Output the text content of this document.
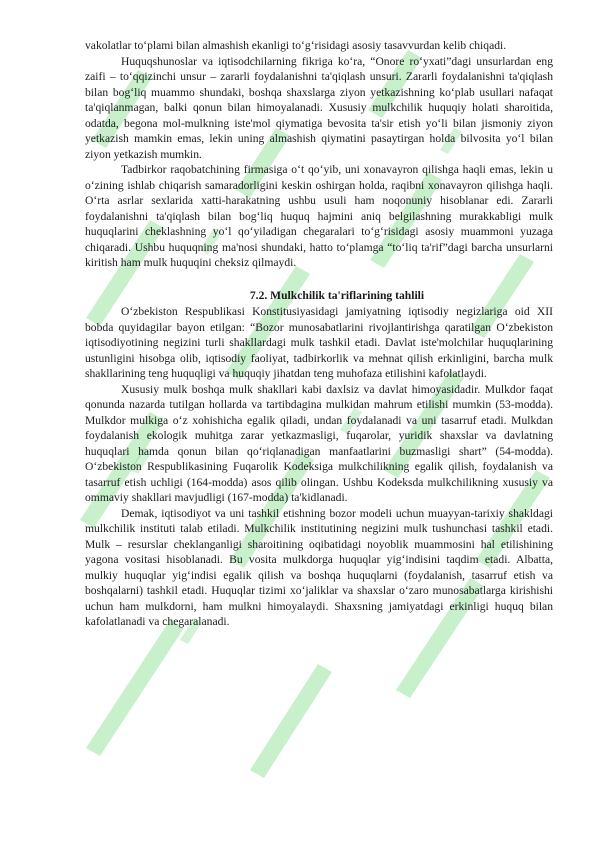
vakolatlar to‘plami bilan almashish ekanligi to‘g‘risidagi asosiy tasavvurdan kelib chiqadi.

Huquqshunoslar va iqtisodchilarning fikriga ko‘ra, “Onore ro‘yxati”dagi unsurlardan eng zaifi – to‘qqizinchi unsur – zararli foydalanishni ta'qiqlash unsuri. Zararli foydalanishni ta'qiqlash bilan bog‘liq muammo shundaki, boshqa shaxslarga ziyon yetkazishning ko‘plab usullari nafaqat ta'qiqlanmagan, balki qonun bilan himoyalanadi. Xususiy mulkchilik huquqiy holati sharoitida, odatda, begona mol-mulkning iste'mol qiymatiga bevosita ta'sir etish yo‘li bilan jismoniy ziyon yetkazish mamkin emas, lekin uning almashish qiymatini pasaytirgan holda bilvosita yo‘l bilan ziyon yetkazish mumkin.

Tadbirkor raqobatchining firmasiga o‘t qo‘yib, uni xonavayron qilishga haqli emas, lekin u o‘zining ishlab chiqarish samaradorligini keskin oshirgan holda, raqibni xonavayron qilishga haqli. O‘rta asrlar sexlarida xatti-harakatning ushbu usuli ham noqonuniy hisoblanar edi. Zararli foydalanishni ta'qiqlash bilan bog‘liq huquq hajmini aniq belgilashning murakkabligi mulk huquqlarini cheklashning yo‘l qo‘yiladigan chegaralari to‘g‘risidagi asosiy muammoni yuzaga chiqaradi. Ushbu huquqning ma'nosi shundaki, hatto to‘plamga “to‘liq ta'rif”dagi barcha unsurlarni kiritish ham mulk huquqini cheksiz qilmaydi.

7.2. Mulkchilik ta'riflarining tahlili

O‘zbekiston Respublikasi Konstitusiyasidagi jamiyatning iqtisodiy negizlariga oid XII bobda quyidagilar bayon etilgan: “Bozor munosabatlarini rivojlantirishga qaratilgan O‘zbekiston iqtisodiyotining negizini turli shakllardagi mulk tashkil etadi. Davlat iste'molchilar huquqlarining ustunligini hisobga olib, iqtisodiy faoliyat, tadbirkorlik va mehnat qilish erkinligini, barcha mulk shakllarining teng huquqligi va huquqiy jihatdan teng muhofaza etilishini kafolatlaydi.

Xususiy mulk boshqa mulk shakllari kabi daxlsiz va davlat himoyasidadir. Mulkdor faqat qonunda nazarda tutilgan hollarda va tartibdagina mulkidan mahrum etilishi mumkin (53-modda). Mulkdor mulkiga o‘z xohishicha egalik qiladi, undan foydalanadi va uni tasarruf etadi. Mulkdan foydalanish ekologik muhitga zarar yetkazmasligi, fuqarolar, yuridik shaxslar va davlatning huquqlari hamda qonun bilan qo‘riqlanadigan manfaatlarini buzmasligi shart” (54-modda). O‘zbekiston Respublikasining Fuqarolik Kodeksiga mulkchilikning egalik qilish, foydalanish va tasarruf etish uchligi (164-modda) asos qilib olingan. Ushbu Kodeksda mulkchilikning xususiy va ommaviy shakllari mavjudligi (167-modda) ta'kidlanadi.

Demak, iqtisodiyot va uni tashkil etishning bozor modeli uchun muayyan-tarixiy shakldagi mulkchilik instituti talab etiladi. Mulkchilik institutining negizini mulk tushunchasi tashkil etadi. Mulk – resurslar cheklanganligi sharoitining oqibatidagi noyoblik muammosini hal etilishining yagona vositasi hisoblanadi. Bu vosita mulkdorga huquqlar yig‘indisini taqdim etadi. Albatta, mulkiy huquqlar yig‘indisi egalik qilish va boshqa huquqlarni (foydalanish, tasarruf etish va boshqalarni) tashkil etadi. Huquqlar tizimi xo‘jaliklar va shaxslar o‘zaro munosabatlarga kirishishi uchun ham mulkdorni, ham mulkni himoyalaydi. Shaxsning jamiyatdagi erkinligi huquq bilan kafolatlanadi va chegaralanadi.
